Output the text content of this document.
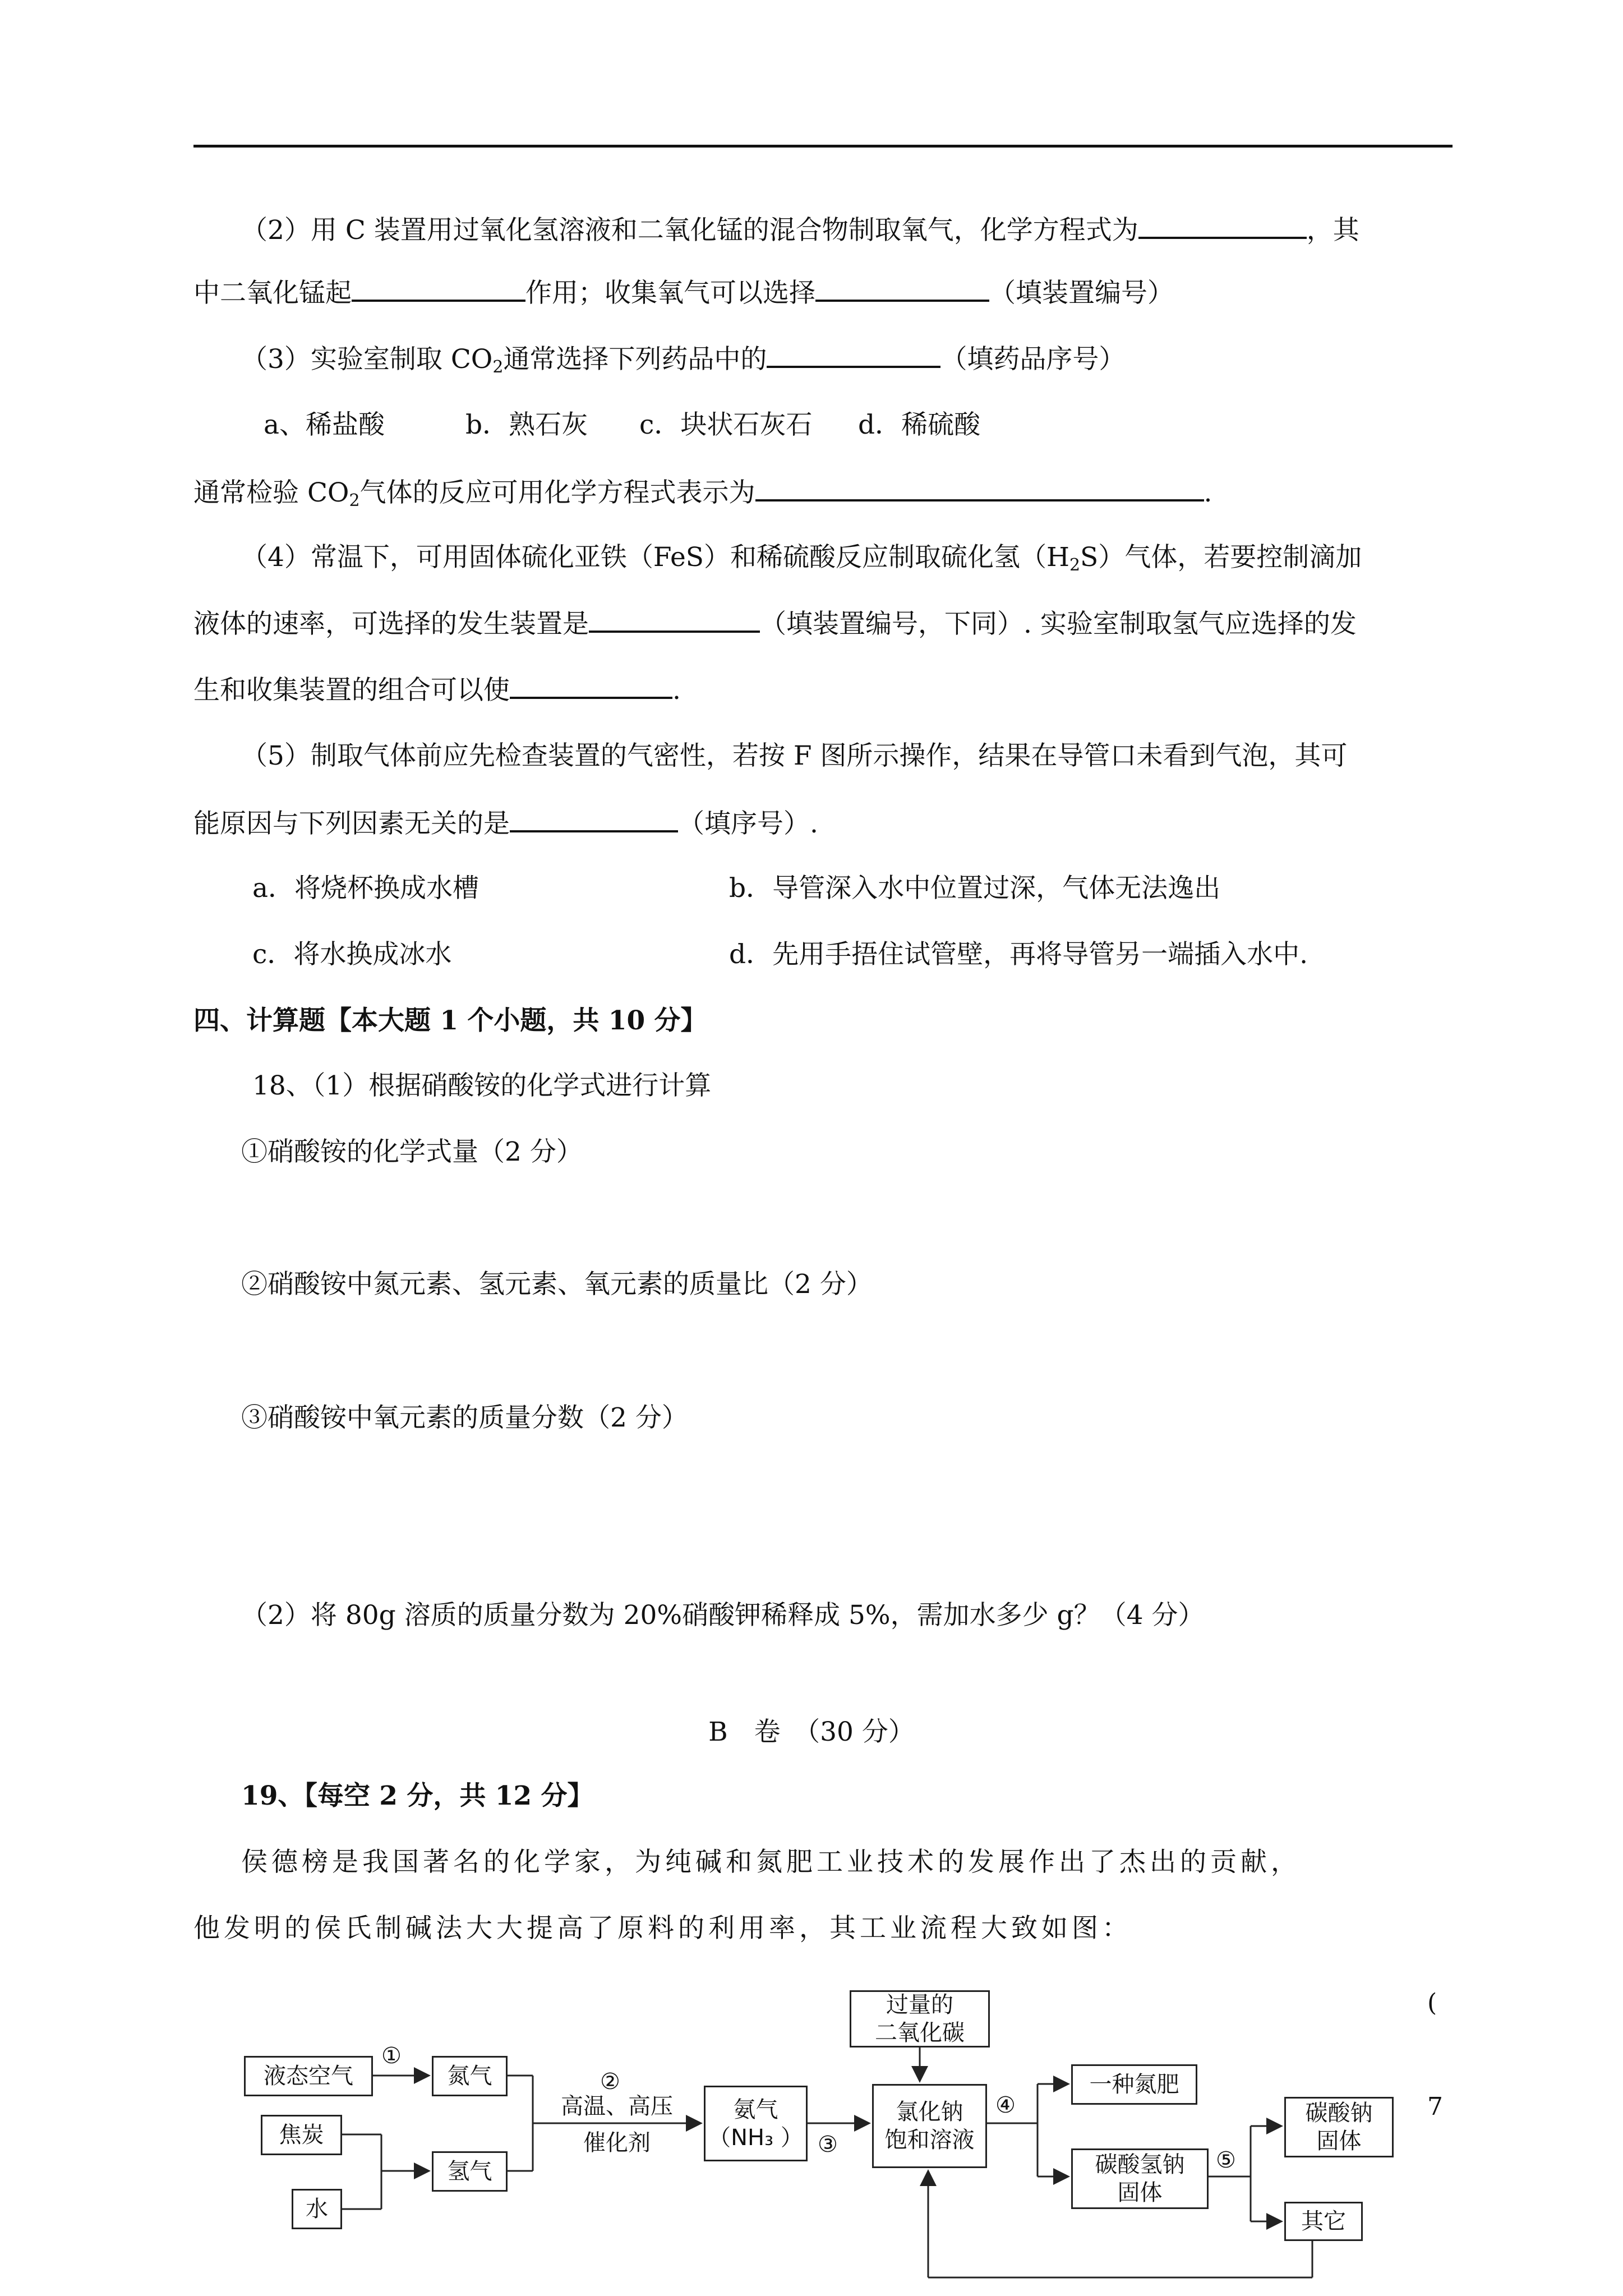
（2）用 C 装置用过氧化氢溶液和二氧化锰的混合物制取氧气，化学方程式为	，其
中二氧化锰起	作用；收集氧气可以选择	（填装置编号）
（3）实验室制取 $CO_2$通常选择下列药品中的	（填药品序号）
a、稀盐酸	b．熟石灰 c．块状石灰石 d．稀硫酸
通常检验 $CO_2$气体的反应可用化学方程式表示为	.
（4）常温下，可用固体硫化亚铁（FeS）和稀硫酸反应制取硫化氢$(H_2S)$气体，若要控制滴加
液体的速率，可选择的发生装置是	（填装置编号，下同）. 实验室制取氢气应选择的发
生和收集装置的组合可以使	.
（5）制取气体前应先检查装置的气密性，若按 F 图所示操作，结果在导管口未看到气泡，其可
能原因与下列因素无关的是	（填序号）.
a．将烧杯换成水槽	b．导管深入水中位置过深，气体无法逸出
c．将水换成冰水	d．先用手捂住试管壁，再将导管另一端插入水中.
四、计算题【本大题 1 个小题，共 10 分】
18、（1）根据硝酸铵的化学式进行计算
①硝酸铵的化学式量（2 分）
②硝酸铵中氮元素、氢元素、氧元素的质量比（2 分）
③硝酸铵中氧元素的质量分数（2 分）
（2）将 80g 溶质的质量分数为 20%硝酸钾稀释成 5%，需加水多少 g？（4 分）
B　卷　（30 分）
19、【每空 2 分，共 12 分】
侯德榜是我国著名的化学家，为纯碱和氮肥工业技术的发展作出了杰出的贡献，
他发明的侯氏制碱法大大提高了原料的利用率，其工业流程大致如图：
液态空气
焦炭
水
氮气
氢气
氨气
（NH₃ ）
过量的
二氧化碳
氯化钠
饱和溶液
一种氮肥
碳酸氢钠
固体
碳酸钠
固体
其它
①
②
高温、高压
催化剂	③
④
⑤
(
7
